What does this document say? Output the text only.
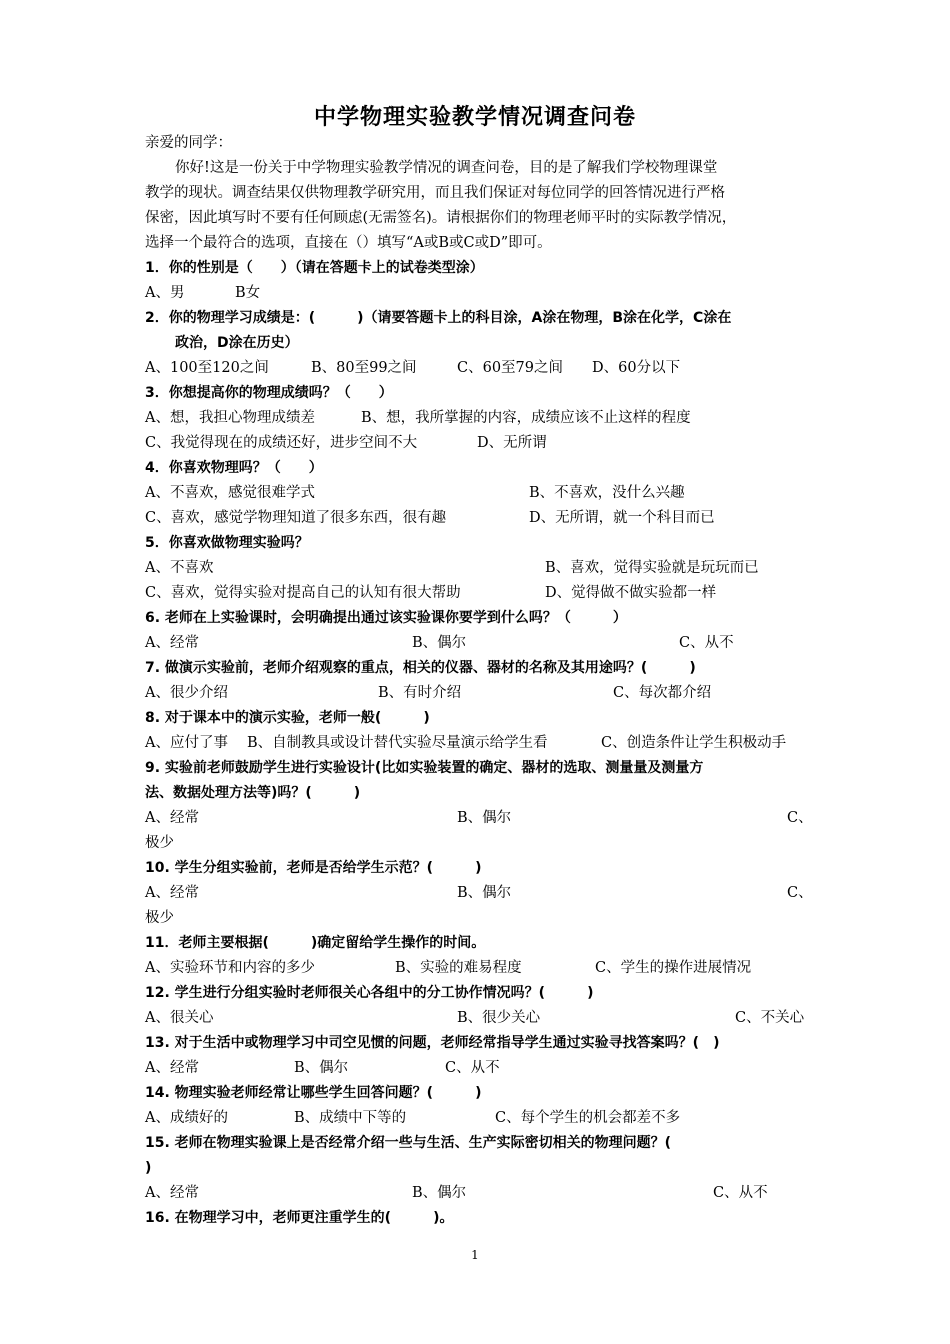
中学物理实验教学情况调查问卷
亲爱的同学：
你好!这是一份关于中学物理实验教学情况的调查问卷，目的是了解我们学校物理课堂
教学的现状。调查结果仅供物理教学研究用，而且我们保证对每位同学的回答情况进行严格
保密，因此填写时不要有任何顾虑(无需签名)。请根据你们的物理老师平时的实际教学情况，
选择一个最符合的选项，直接在（）填写“A或B或C或D”即可。
1．你的性别是（　　）（请在答题卡上的试卷类型涂）
A、男	B女
2．你的物理学习成绩是：(　　　)（请要答题卡上的科目涂，A涂在物理，B涂在化学，C涂在
政治，D涂在历史）
A、100至120之间	B、80至99之间	C、60至79之间 D、60分以下
3．你想提高你的物理成绩吗？（　　）
A、想，我担心物理成绩差	B、想，我所掌握的内容，成绩应该不止这样的程度
C、我觉得现在的成绩还好，进步空间不大	D、无所谓
4．你喜欢物理吗？（　　）
A、不喜欢，感觉很难学式	B、不喜欢，没什么兴趣
C、喜欢，感觉学物理知道了很多东西，很有趣	D、无所谓，就一个科目而已
5．你喜欢做物理实验吗？
A、不喜欢	B、喜欢，觉得实验就是玩玩而已
C、喜欢，觉得实验对提高自己的认知有很大帮助	D、觉得做不做实验都一样
6. 老师在上实验课时，会明确提出通过该实验课你要学到什么吗？（　　　）
A、经常	B、偶尔	C、从不
7. 做演示实验前，老师介绍观察的重点，相关的仪器、器材的名称及其用途吗？(　　　)
A、很少介绍	B、有时介绍	C、每次都介绍
8. 对于课本中的演示实验，老师一般(　　　)
A、应付了事 B、自制教具或设计替代实验尽量演示给学生看	C、创造条件让学生积极动手
9. 实验前老师鼓励学生进行实验设计(比如实验装置的确定、器材的选取、测量量及测量方
法、数据处理方法等)吗？(　　　)
A、经常	B、偶尔	C、
极少
10. 学生分组实验前，老师是否给学生示范？(　　　)
A、经常	B、偶尔	C、
极少
11．老师主要根据(　　　)确定留给学生操作的时间。
A、实验环节和内容的多少	B、实验的难易程度	C、学生的操作进展情况
12. 学生进行分组实验时老师很关心各组中的分工协作情况吗？(　　　)
A、很关心	B、很少关心	C、不关心
13. 对于生活中或物理学习中司空见惯的问题，老师经常指导学生通过实验寻找答案吗？(　)
A、经常	B、偶尔	C、从不
14. 物理实验老师经常让哪些学生回答问题？(　　　)
A、成绩好的	B、成绩中下等的	C、每个学生的机会都差不多
15. 老师在物理实验课上是否经常介绍一些与生活、生产实际密切相关的物理问题？(
)
A、经常	B、偶尔	C、从不
16. 在物理学习中，老师更注重学生的(　　　)。
1
